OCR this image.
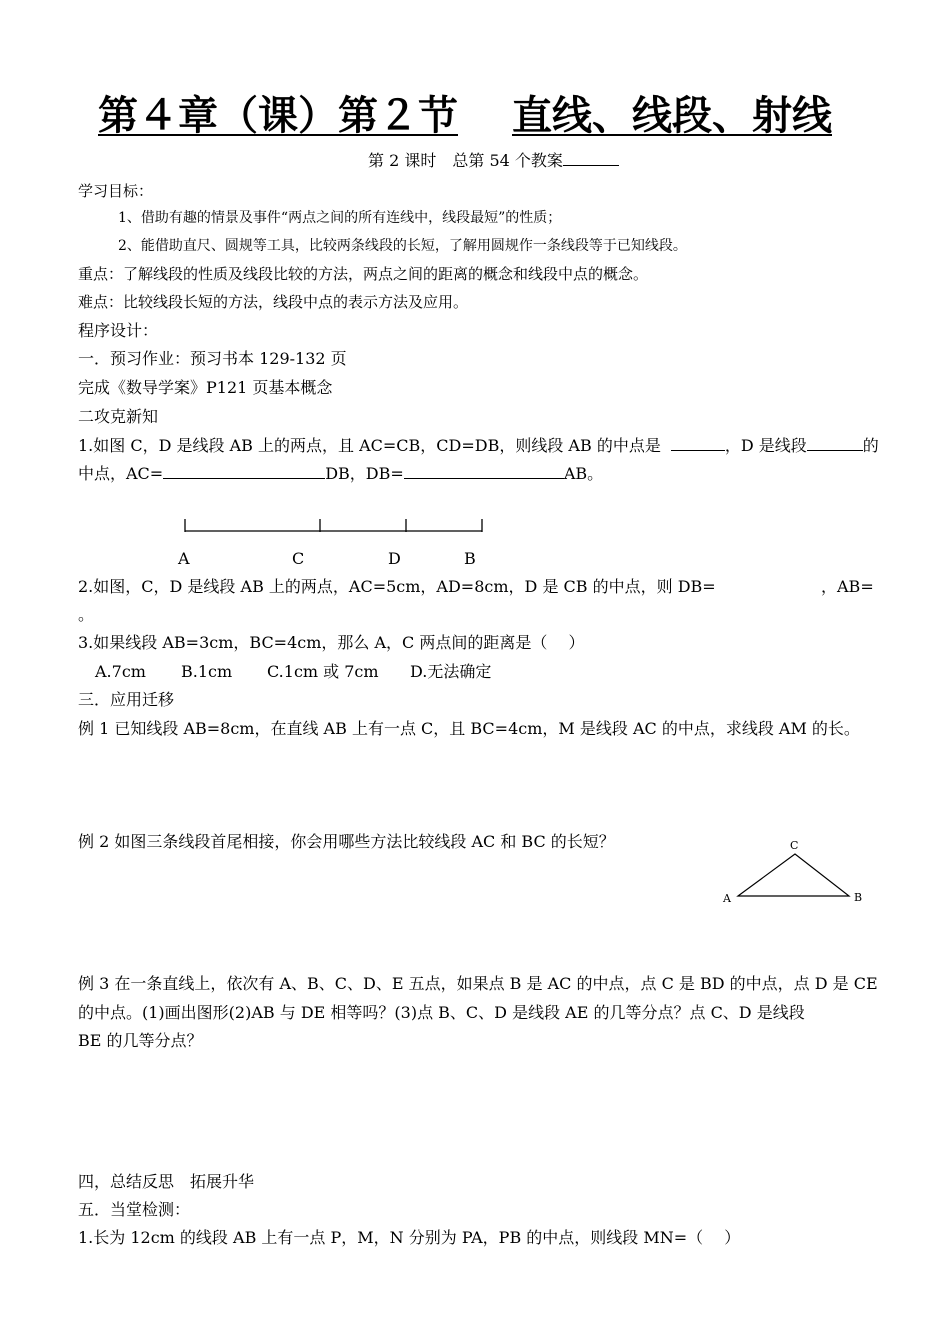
第４章（课）第２节 直线、线段、射线
第 2 课时　总第 54 个教案
学习目标：
1、借助有趣的情景及事件“两点之间的所有连线中，线段最短”的性质；
2、能借助直尺、圆规等工具，比较两条线段的长短，了解用圆规作一条线段等于已知线段。
重点：了解线段的性质及线段比较的方法，两点之间的距离的概念和线段中点的概念。
难点：比较线段长短的方法，线段中点的表示方法及应用。
程序设计：
一．预习作业：预习书本 129-132 页
完成《数导学案》P121 页基本概念
二攻克新知
1.如图 C，D 是线段 AB 上的两点，且 AC=CB，CD=DB，则线段 AB 的中点是	，D 是线段	的
中点，AC=	DB，DB=	AB。
A	C	D	B
A	B
C
2.如图，C，D 是线段 AB 上的两点，AC=5cm，AD=8cm，D 是 CB 的中点，则 DB=	，AB=
。
3.如果线段 AB=3cm，BC=4cm，那么 A，C 两点间的距离是（　 ）
A.7cm B.1cm C.1cm 或 7cm D.无法确定
三．应用迁移
例 1 已知线段 AB=8cm，在直线 AB 上有一点 C，且 BC=4cm，M 是线段 AC 的中点，求线段 AM 的长。
例 2 如图三条线段首尾相接，你会用哪些方法比较线段 AC 和 BC 的长短？
例 3 在一条直线上，依次有 A、B、C、D、E 五点，如果点 B 是 AC 的中点，点 C 是 BD 的中点，点 D 是 CE
的中点。(1)画出图形(2)AB 与 DE 相等吗？(3)点 B、C、D 是线段 AE 的几等分点？点 C、D 是线段
BE 的几等分点？
四，总结反思　拓展升华
五．当堂检测：
1.长为 12cm 的线段 AB 上有一点 P，M，N 分别为 PA，PB 的中点，则线段 MN=（　 ）
